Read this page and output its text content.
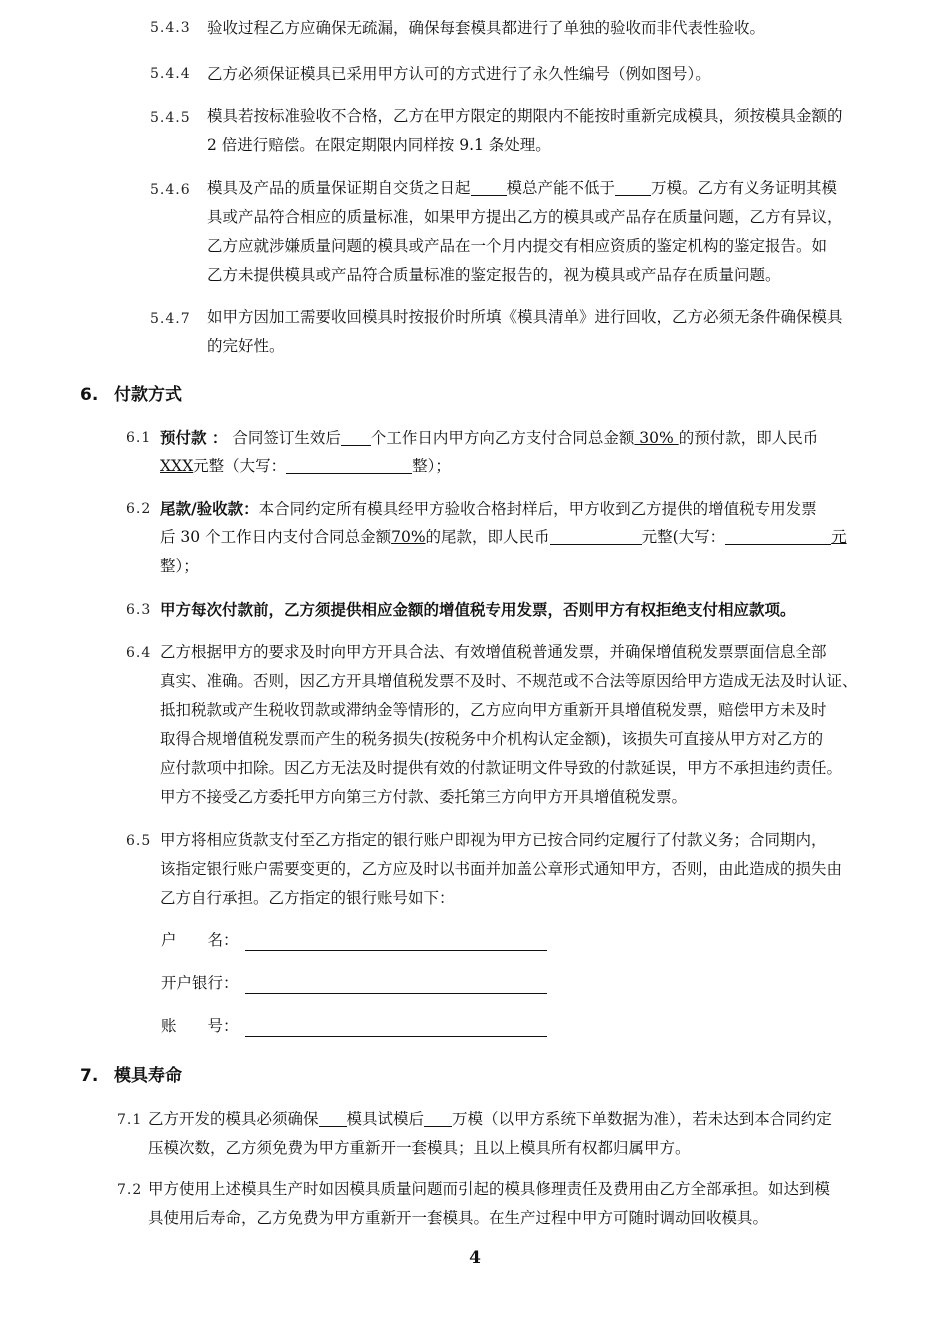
5.4.3 验收过程乙方应确保无疏漏，确保每套模具都进行了单独的验收而非代表性验收。
5.4.4 乙方必须保证模具已采用甲方认可的方式进行了永久性编号（例如图号）。
5.4.5 模具若按标准验收不合格，乙方在甲方限定的期限内不能按时重新完成模具，须按模具金额的
2 倍进行赔偿。在限定期限内同样按 9.1 条处理。
5.4.6 模具及产品的质量保证期自交货之日起 模总产能不低于 万模。乙方有义务证明其模
具或产品符合相应的质量标准，如果甲方提出乙方的模具或产品存在质量问题，乙方有异议，
乙方应就涉嫌质量问题的模具或产品在一个月内提交有相应资质的鉴定机构的鉴定报告。如
乙方未提供模具或产品符合质量标准的鉴定报告的，视为模具或产品存在质量问题。
5.4.7 如甲方因加工需要收回模具时按报价时所填《模具清单》进行回收，乙方必须无条件确保模具
的完好性。
6. 付款方式
6.1 预付款 ： 合同签订生效后 个工作日内甲方向乙方支付合同总金额 30% 的预付款，即人民币
XXX元整（大写：	整）；
6.2 尾款/验收款：本合同约定所有模具经甲方验收合格封样后，甲方收到乙方提供的增值税专用发票
后 30 个工作日内支付合同总金额70%的尾款，即人民币	元整(大写：	元
整）；
6.3 甲方每次付款前，乙方须提供相应金额的增值税专用发票，否则甲方有权拒绝支付相应款项。
6.4 乙方根据甲方的要求及时向甲方开具合法、有效增值税普通发票，并确保增值税发票票面信息全部
真实、准确。否则，因乙方开具增值税发票不及时、不规范或不合法等原因给甲方造成无法及时认证、
抵扣税款或产生税收罚款或滞纳金等情形的，乙方应向甲方重新开具增值税发票，赔偿甲方未及时
取得合规增值税发票而产生的税务损失(按税务中介机构认定金额)，该损失可直接从甲方对乙方的
应付款项中扣除。因乙方无法及时提供有效的付款证明文件导致的付款延误，甲方不承担违约责任。
甲方不接受乙方委托甲方向第三方付款、委托第三方向甲方开具增值税发票。
6.5 甲方将相应货款支付至乙方指定的银行账户即视为甲方已按合同约定履行了付款义务；合同期内，
该指定银行账户需要变更的，乙方应及时以书面并加盖公章形式通知甲方，否则，由此造成的损失由
乙方自行承担。乙方指定的银行账号如下：
户　　名：
开户银行：
账　　号：
7. 模具寿命
7.1 乙方开发的模具必须确保 模具试模后 万模（以甲方系统下单数据为准），若未达到本合同约定
压模次数，乙方须免费为甲方重新开一套模具；且以上模具所有权都归属甲方。
7.2 甲方使用上述模具生产时如因模具质量问题而引起的模具修理责任及费用由乙方全部承担。如达到模
具使用后寿命，乙方免费为甲方重新开一套模具。在生产过程中甲方可随时调动回收模具。
4
